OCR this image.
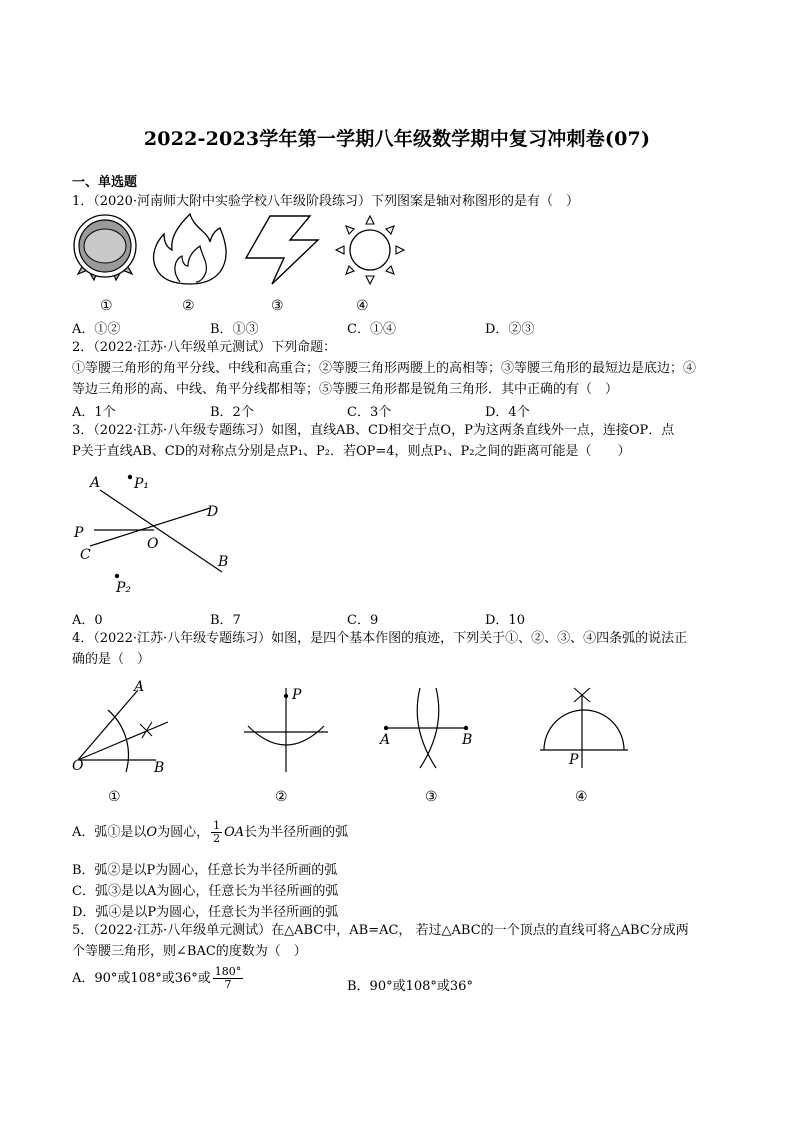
2022-2023学年第一学期八年级数学期中复习冲刺卷(07)
一、单选题
1．（2020·河南师大附中实验学校八年级阶段练习）下列图案是轴对称图形的是有（　）
①	②	③	④
A．①②	B．①③	C．①④	D．②③
2．（2022·江苏·八年级单元测试）下列命题：
①等腰三角形的角平分线、中线和高重合；②等腰三角形两腰上的高相等；③等腰三角形的最短边是底边；④
等边三角形的高、中线、角平分线都相等；⑤等腰三角形都是锐角三角形．其中正确的有（　）
A．1个	B．2个	C．3个	D．4个
3．（2022·江苏·八年级专题练习）如图，直线AB、CD相交于点O，P为这两条直线外一点，连接OP．点
P关于直线AB、CD的对称点分别是点P₁、P₂．若OP=4，则点P₁、P₂之间的距离可能是（　　）
A P₁
D
P
O
C	B
P₂
A．0	B．7	C．9	D．10
4．（2022·江苏·八年级专题练习）如图，是四个基本作图的痕迹，下列关于①、②、③、④四条弧的说法正
确的是（　）
A
O	B
P
A	B
P
①	②	③	④
A．弧①是以O为圆心， $\frac{1}{2}$ OA长为半径所画的弧
B．弧②是以P为圆心，任意长为半径所画的弧
C．弧③是以A为圆心，任意长为半径所画的弧
D．弧④是以P为圆心，任意长为半径所画的弧
5．（2022·江苏·八年级单元测试）在△ABC中，AB=AC， 若过△ABC的一个顶点的直线可将△ABC分成两
个等腰三角形，则∠BAC的度数为（　）
A．90°或108°或36°或 $\frac{180^\circ}{7}$	B．90°或108°或36°
